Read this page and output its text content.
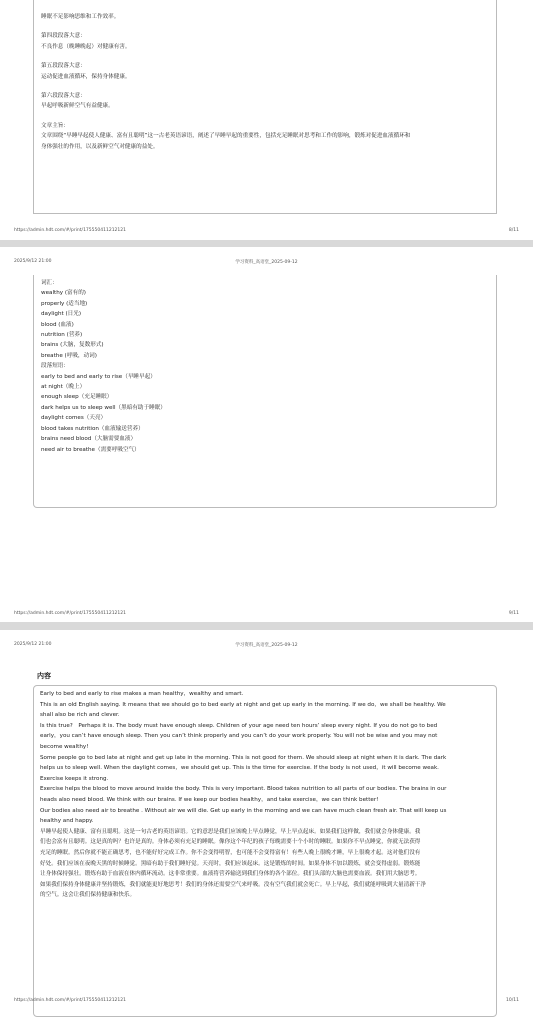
睡眠不足影响思维和工作效率。
第四段段落大意：
不良作息（晚睡晚起）对健康有害。
第五段段落大意：
运动促进血液循环，保持身体健康。
第六段段落大意：
早起呼吸新鲜空气有益健康。
文章主旨：
文章围绕“早睡早起使人健康、富有且聪明”这一古老英语谚语，阐述了早睡早起的重要性，包括充足睡眠对思考和工作的影响，锻炼对促进血液循环和
身体强壮的作用，以及新鲜空气对健康的益处。
https://admin.hdt.com/#/print/175550411212121	8/11
2025/9/12 21:00	学习资料_高语堂_2025-09-12
词汇：
wealthy (富有的)
properly (适当地)
daylight (日光)
blood (血液)
nutrition (营养)
brains (大脑，复数形式)
breathe (呼吸，动词)
段落短语：
early to bed and early to rise（早睡早起）
at night（晚上）
enough sleep（充足睡眠）
dark helps us to sleep well（黑暗有助于睡眠）
daylight comes（天亮）
blood takes nutrition（血液输送营养）
brains need blood（大脑需要血液）
need air to breathe（需要呼吸空气）
https://admin.hdt.com/#/print/175550411212121	9/11
2025/9/12 21:00	学习资料_高语堂_2025-09-12
内容
Early to bed and early to rise makes a man healthy，wealthy and smart.
This is an old English saying. It means that we should go to bed early at night and get up early in the morning. If we do，we shall be healthy. We
shall also be rich and clever.
Is this true?　Perhaps it is. The body must have enough sleep. Children of your age need ten hours’ sleep every night. If you do not go to bed
early，you can’t have enough sleep. Then you can’t think properly and you can’t do your work properly. You will not be wise and you may not
become wealthy!
Some people go to bed late at night and get up late in the morning. This is not good for them. We should sleep at night when it is dark. The dark
helps us to sleep well. When the daylight comes，we should get up. This is the time for exercise. If the body is not used，it will become weak.
Exercise keeps it strong.
Exercise helps the blood to move around inside the body. This is very important. Blood takes nutrition to all parts of our bodies. The brains in our
heads also need blood. We think with our brains. If we keep our bodies healthy，and take exercise，we can think better!
Our bodies also need air to breathe . Without air we will die. Get up early in the morning and we can have much clean fresh air. That will keep us
healthy and happy.
早睡早起使人健康、富有且聪明。这是一句古老的英语谚语。它的意思是我们应该晚上早点睡觉，早上早点起床。如果我们这样做，我们就会身体健康。我
们也会富有且聪明。这是真的吗？也许是真的。身体必须有充足的睡眠。像你这个年纪的孩子每晚需要十个小时的睡眠。如果你不早点睡觉，你就无法获得
充足的睡眠。然后你就不能正确思考，也不能好好完成工作。你不会变得明智，也可能不会变得富有！有些人晚上很晚才睡，早上很晚才起。这对他们没有
好处。我们应该在夜晚天黑的时候睡觉。黑暗有助于我们睡好觉。天亮时，我们应该起床。这是锻炼的时间。如果身体不加以锻炼，就会变得虚弱。锻炼能
让身体保持强壮。锻炼有助于血液在体内循环流动。这非常重要。血液将营养输送到我们身体的各个部位。我们头部的大脑也需要血液。我们用大脑思考。
如果我们保持身体健康并坚持锻炼，我们就能更好地思考！我们的身体还需要空气来呼吸。没有空气我们就会死亡。早上早起，我们就能呼吸到大量清新干净
的空气。这会让我们保持健康和快乐。
https://admin.hdt.com/#/print/175550411212121	10/11
